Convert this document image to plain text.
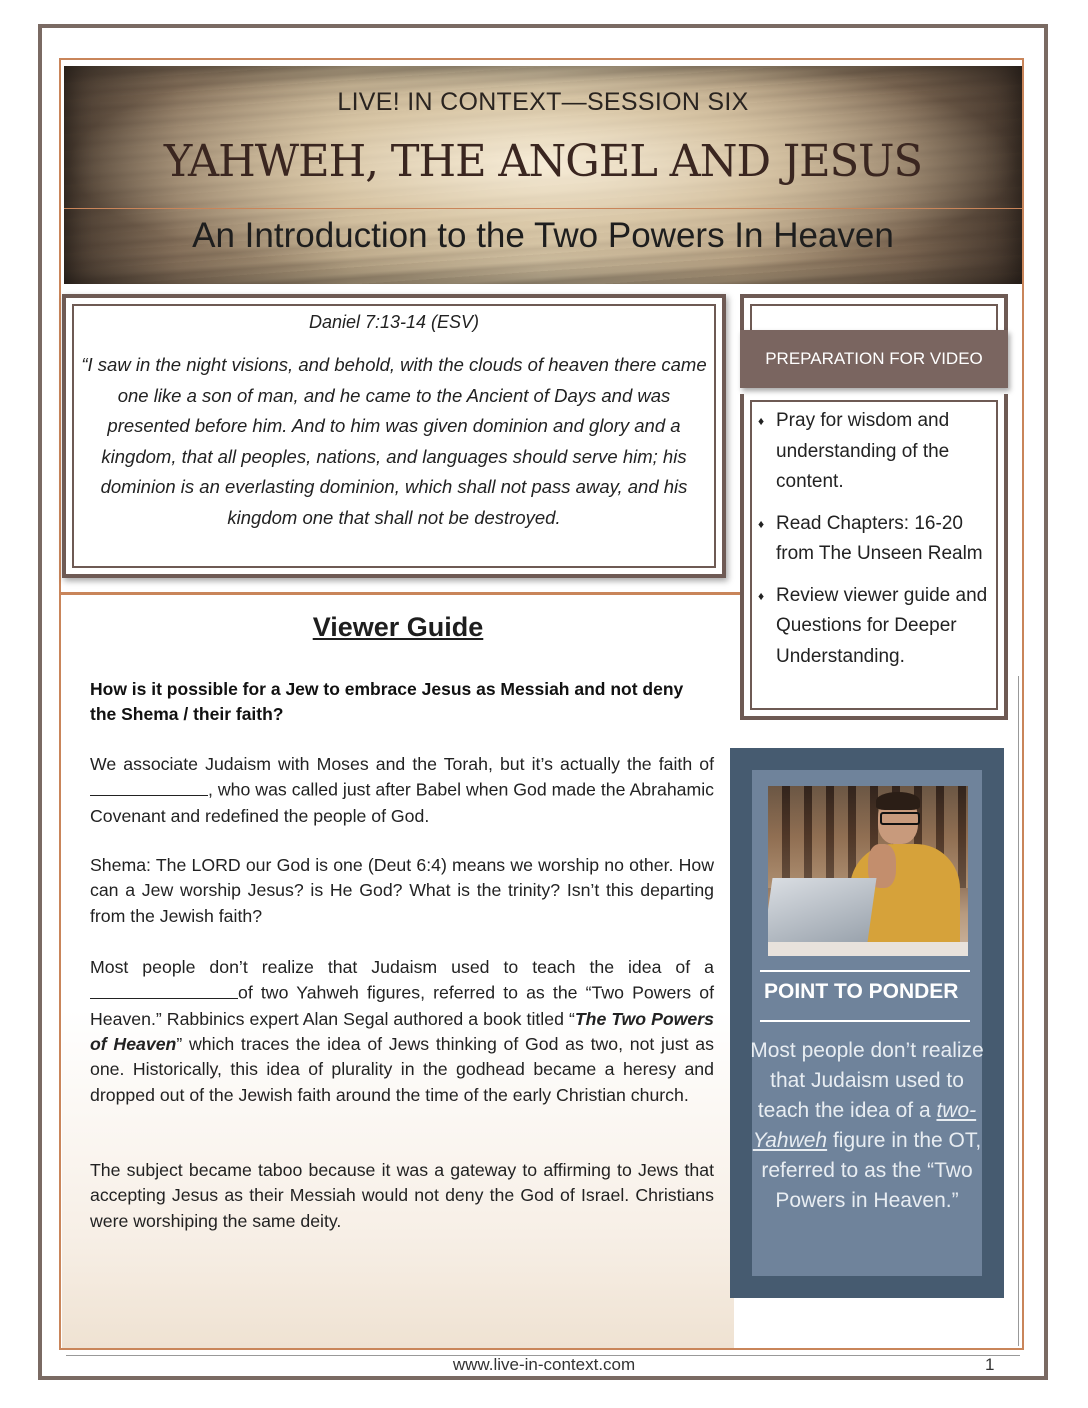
LIVE! IN CONTEXT—SESSION SIX
YAHWEH, THE ANGEL AND JESUS
An Introduction to the Two Powers In Heaven
Daniel 7:13-14 (ESV)
“I saw in the night visions, and behold, with the clouds of heaven there came one like a son of man, and he came to the Ancient of Days and was presented before him. And to him was given dominion and glory and a kingdom, that all peoples, nations, and languages should serve him; his dominion is an everlasting dominion, which shall not pass away, and his kingdom one that shall not be destroyed.
PREPARATION FOR VIDEO
♦ Pray for wisdom and understanding of the content.
♦ Read Chapters: 16-20 from The Unseen Realm
♦ Review viewer guide and Questions for Deeper Understanding.
Viewer Guide
How is it possible for a Jew to embrace Jesus as Messiah and not deny the Shema / their faith?
We associate Judaism with Moses and the Torah, but it’s actually the faith of , who was called just after Babel when God made the Abrahamic Covenant and redefined the people of God.
Shema: The LORD our God is one (Deut 6:4) means we worship no other. How can a Jew worship Jesus? is He God? What is the trinity? Isn’t this departing from the Jewish faith?
Most people don’t realize that Judaism used to teach the idea of a of two Yahweh figures, referred to as the “Two Powers of Heaven.” Rabbinics expert Alan Segal authored a book titled “The Two Powers of Heaven” which traces the idea of Jews thinking of God as two, not just as one. Historically, this idea of plurality in the godhead became a heresy and dropped out of the Jewish faith around the time of the early Christian church.
The subject became taboo because it was a gateway to affirming to Jews that accepting Jesus as their Messiah would not deny the God of Israel. Christians were worshiping the same deity.
POINT TO PONDER
Most people don’t realize that Judaism used to teach the idea of a two-Yahweh figure in the OT, referred to as the “Two Powers in Heaven.”
www.live-in-context.com	1
